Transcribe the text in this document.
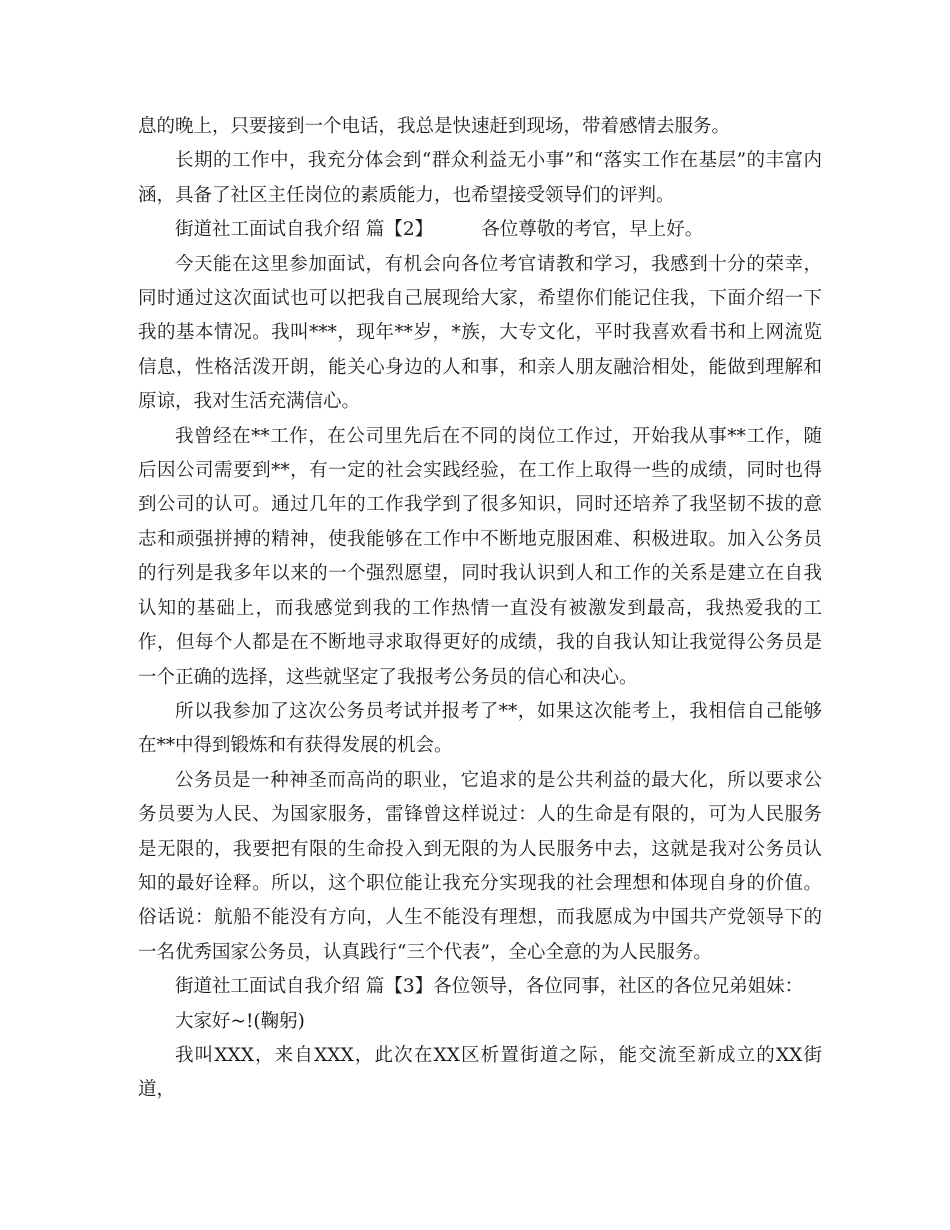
息的晚上，只要接到一个电话，我总是快速赶到现场，带着感情去服务。

长期的工作中，我充分体会到“群众利益无小事”和“落实工作在基层”的丰富内涵，具备了社区主任岗位的素质能力，也希望接受领导们的评判。

街道社工面试自我介绍 篇【2】	各位尊敬的考官，早上好。

今天能在这里参加面试，有机会向各位考官请教和学习，我感到十分的荣幸，同时通过这次面试也可以把我自己展现给大家，希望你们能记住我，下面介绍一下我的基本情况。我叫***，现年**岁，*族，大专文化，平时我喜欢看书和上网流览信息，性格活泼开朗，能关心身边的人和事，和亲人朋友融洽相处，能做到理解和原谅，我对生活充满信心。

我曾经在**工作，在公司里先后在不同的岗位工作过，开始我从事**工作，随后因公司需要到**，有一定的社会实践经验，在工作上取得一些的成绩，同时也得到公司的认可。通过几年的工作我学到了很多知识，同时还培养了我坚韧不拔的意志和顽强拼搏的精神，使我能够在工作中不断地克服困难、积极进取。加入公务员的行列是我多年以来的一个强烈愿望，同时我认识到人和工作的关系是建立在自我认知的基础上，而我感觉到我的工作热情一直没有被激发到最高，我热爱我的工作，但每个人都是在不断地寻求取得更好的成绩，我的自我认知让我觉得公务员是一个正确的选择，这些就坚定了我报考公务员的信心和决心。

所以我参加了这次公务员考试并报考了**，如果这次能考上，我相信自己能够在**中得到锻炼和有获得发展的机会。

公务员是一种神圣而高尚的职业，它追求的是公共利益的最大化，所以要求公务员要为人民、为国家服务，雷锋曾这样说过：人的生命是有限的，可为人民服务是无限的，我要把有限的生命投入到无限的为人民服务中去，这就是我对公务员认知的最好诠释。所以，这个职位能让我充分实现我的社会理想和体现自身的价值。俗话说：航船不能没有方向，人生不能没有理想，而我愿成为中国共产党领导下的一名优秀国家公务员，认真践行“三个代表”，全心全意的为人民服务。

街道社工面试自我介绍 篇【3】各位领导，各位同事，社区的各位兄弟姐妹：

大家好~!(鞠躬)

我叫XXX，来自XXX，此次在XX区析置街道之际，能交流至新成立的XX街道，
